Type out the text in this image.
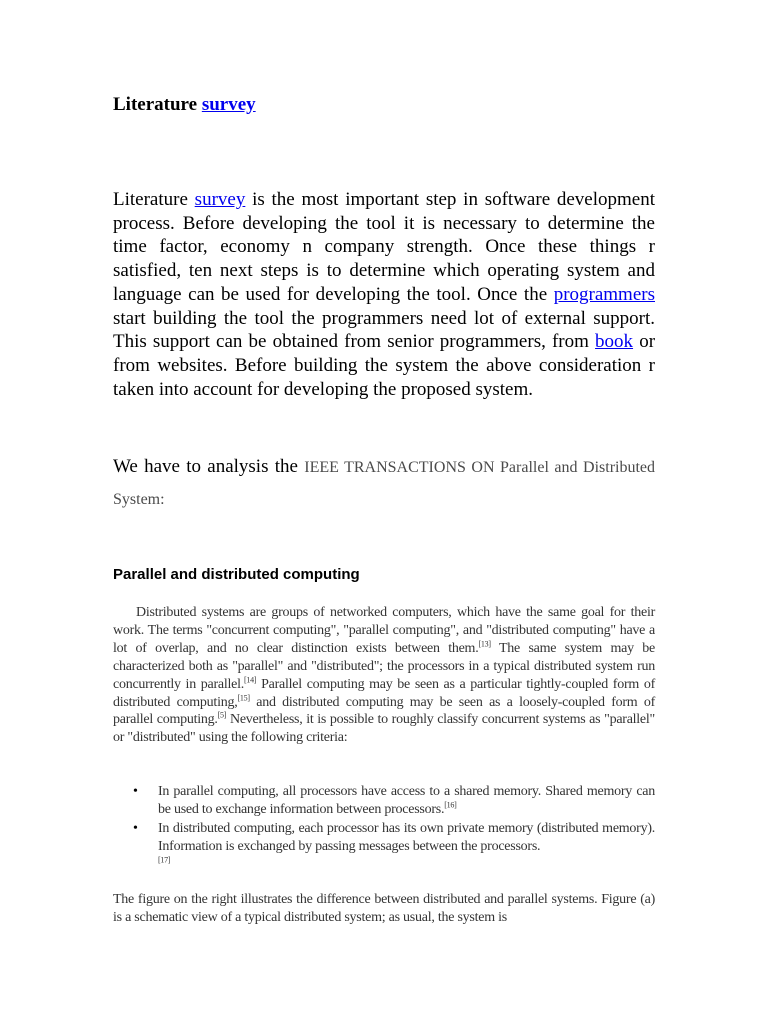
Literature survey

Literature survey is the most important step in software development process. Before developing the tool it is necessary to determine the time factor, economy n company strength. Once these things r satisfied, ten next steps is to determine which operating system and language can be used for developing the tool. Once the programmers start building the tool the programmers need lot of external support. This support can be obtained from senior programmers, from book or from websites. Before building the system the above consideration r taken into account for developing the proposed system.

We have to analysis the IEEE TRANSACTIONS ON Parallel and Distributed System:

Parallel and distributed computing

Distributed systems are groups of networked computers, which have the same goal for their work. The terms "concurrent computing", "parallel computing", and "distributed computing" have a lot of overlap, and no clear distinction exists between them.[13] The same system may be characterized both as "parallel" and "distributed"; the processors in a typical distributed system run concurrently in parallel.[14] Parallel computing may be seen as a particular tightly-coupled form of distributed computing,[15] and distributed computing may be seen as a loosely-coupled form of parallel computing.[5] Nevertheless, it is possible to roughly classify concurrent systems as "parallel" or "distributed" using the following criteria:

• In parallel computing, all processors have access to a shared memory. Shared memory can be used to exchange information between processors.[16]
• In distributed computing, each processor has its own private memory (distributed memory). Information is exchanged by passing messages between the processors.
[17]

The figure on the right illustrates the difference between distributed and parallel systems. Figure (a) is a schematic view of a typical distributed system; as usual, the system is
